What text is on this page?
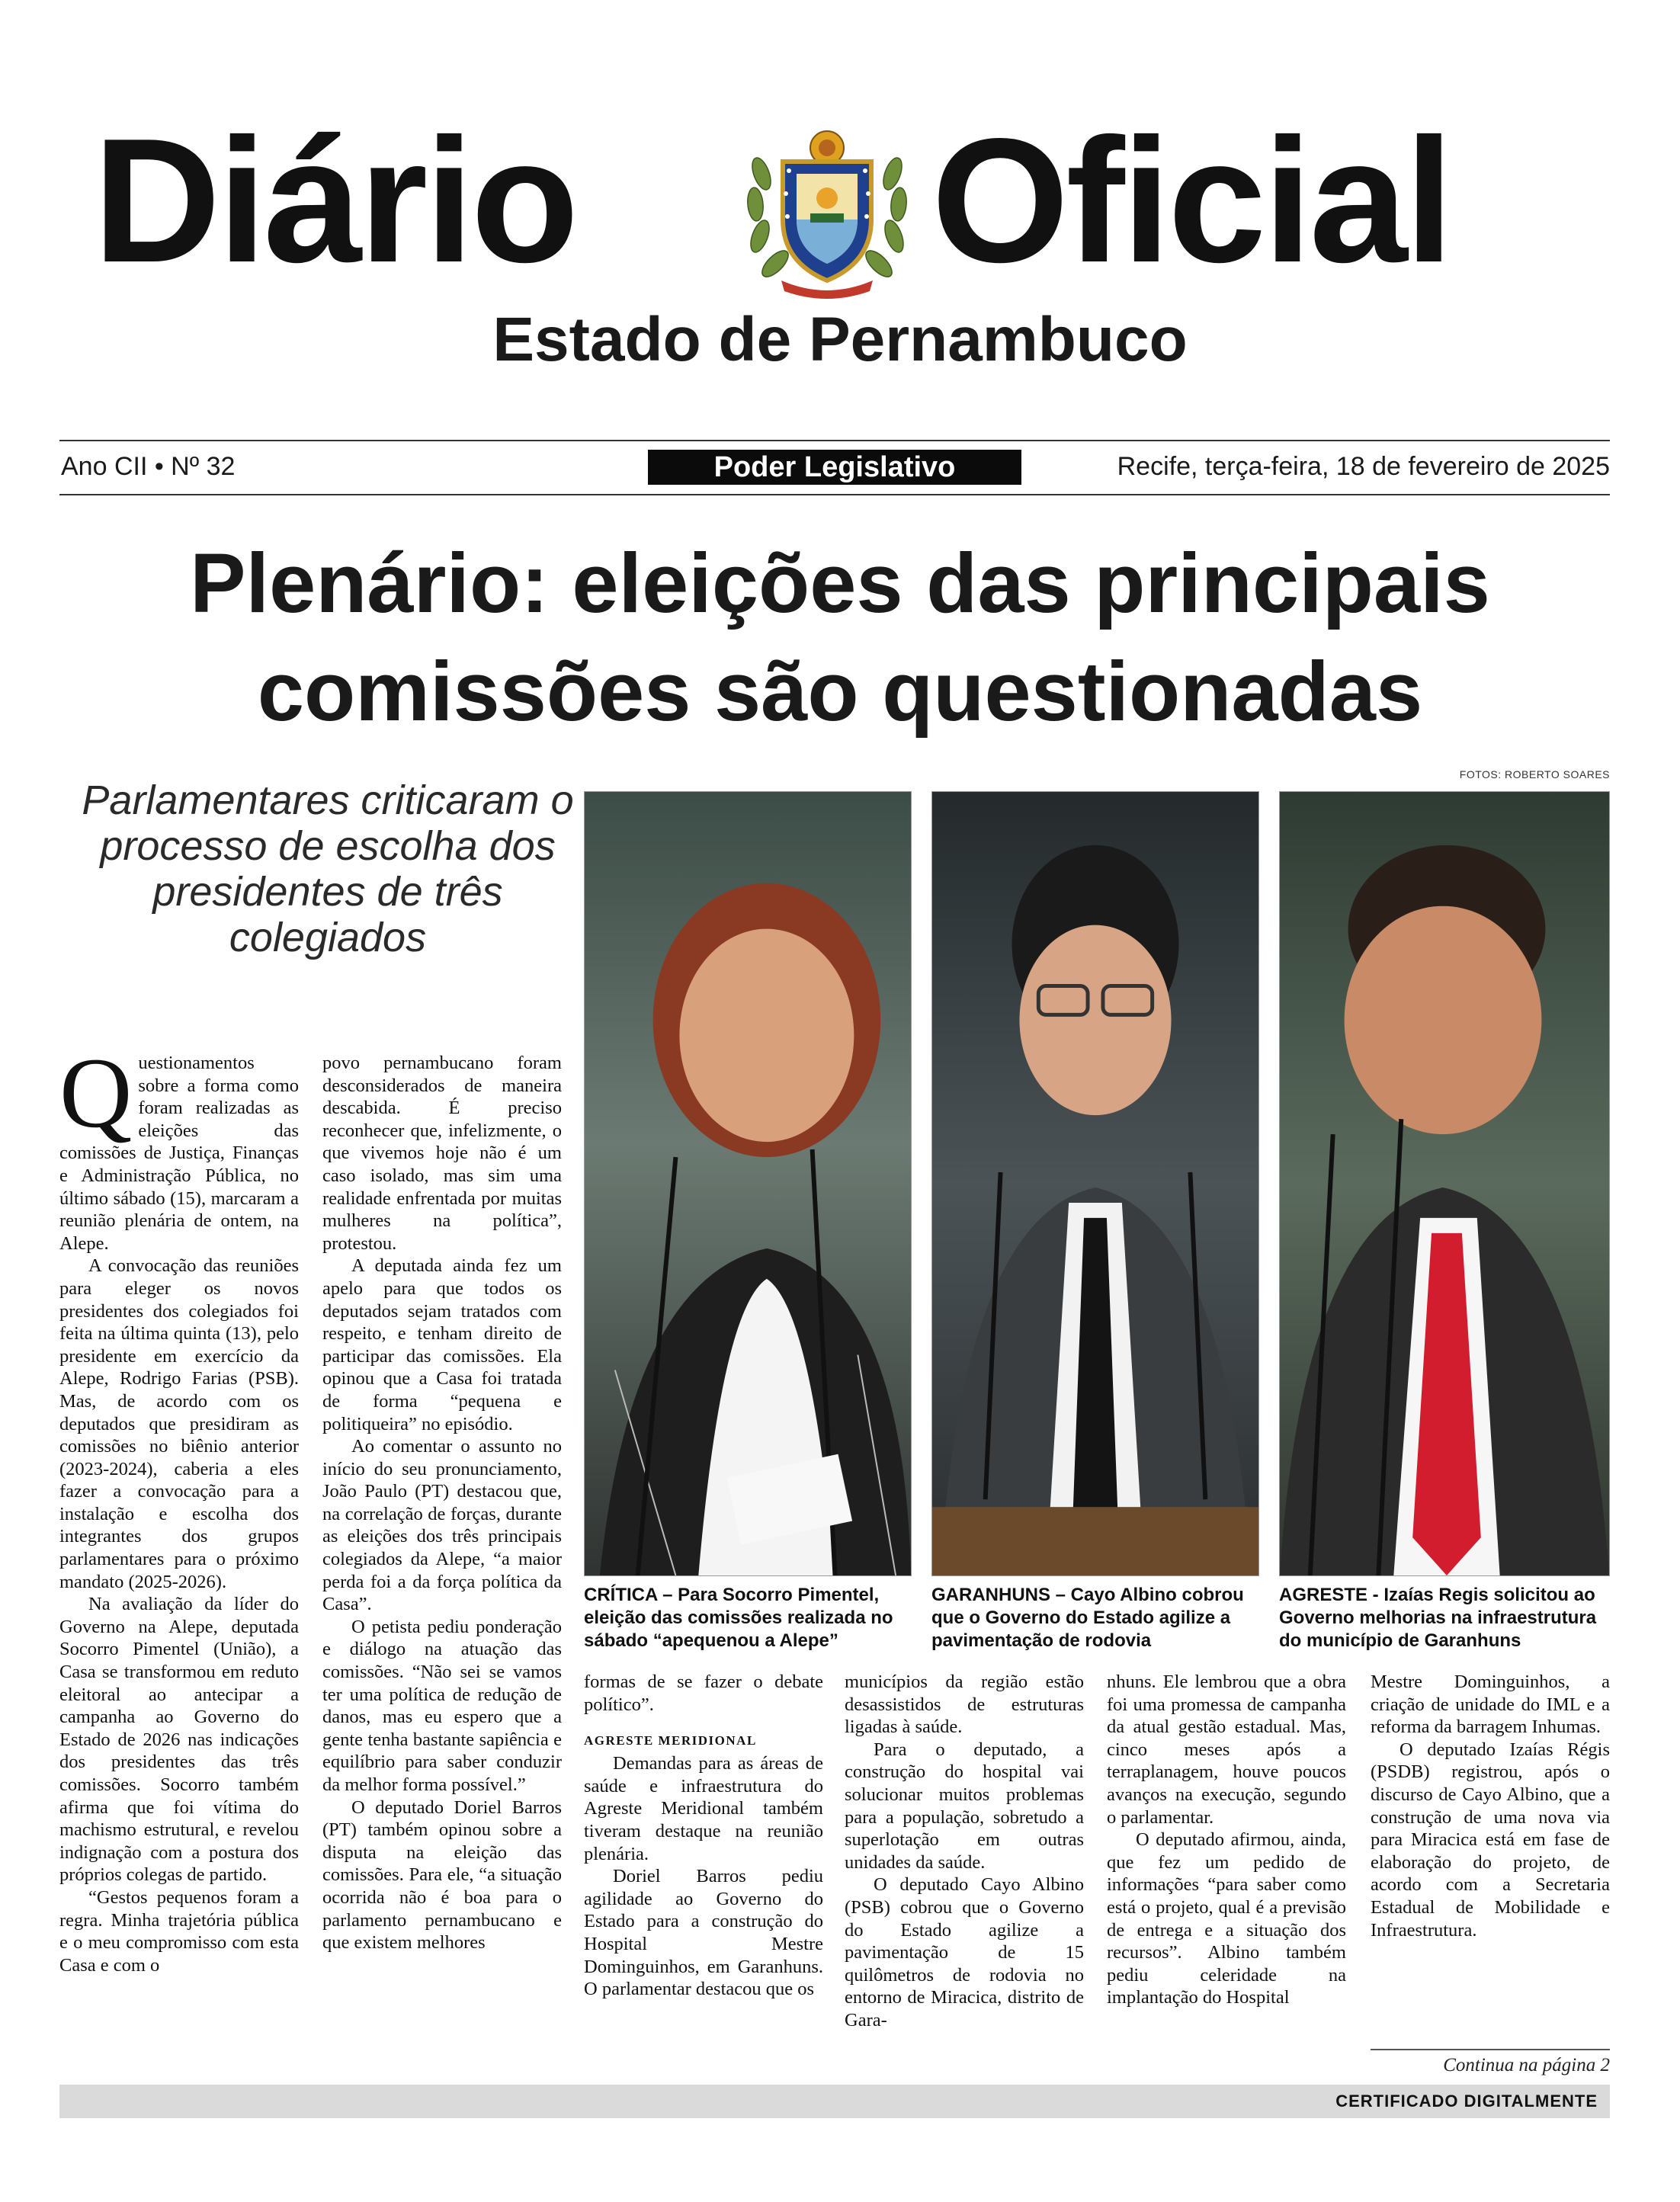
Diário Oficial
Estado de Pernambuco
Ano CII • Nº 32	Poder Legislativo	Recife, terça-feira, 18 de fevereiro de 2025
Plenário: eleições das principais comissões são questionadas
Parlamentares criticaram o processo de escolha dos presidentes de três colegiados
FOTOS: ROBERTO SOARES
CRÍTICA – Para Socorro Pimentel, eleição das comissões realizada no sábado “apequenou a Alepe”
GARANHUNS – Cayo Albino cobrou que o Governo do Estado agilize a pavimentação de rodovia
AGRESTE - Izaías Regis solicitou ao Governo melhorias na infraestrutura do município de Garanhuns

Questionamentos sobre a forma como foram realizadas as eleições das comissões de Justiça, Finanças e Administração Pública, no último sábado (15), marcaram a reunião plenária de ontem, na Alepe.

A convocação das reuniões para eleger os novos presidentes dos colegiados foi feita na última quinta (13), pelo presidente em exercício da Alepe, Rodrigo Farias (PSB). Mas, de acordo com os deputados que presidiram as comissões no biênio anterior (2023-2024), caberia a eles fazer a convocação para a instalação e escolha dos integrantes dos grupos parlamentares para o próximo mandato (2025-2026).

Na avaliação da líder do Governo na Alepe, deputada Socorro Pimentel (União), a Casa se transformou em reduto eleitoral ao antecipar a campanha ao Governo do Estado de 2026 nas indicações dos presidentes das três comissões. Socorro também afirma que foi vítima do machismo estrutural, e revelou indignação com a postura dos próprios colegas de partido.

“Gestos pequenos foram a regra. Minha trajetória pública e o meu compromisso com esta Casa e com o

povo pernambucano foram desconsiderados de maneira descabida. É preciso reconhecer que, infelizmente, o que vivemos hoje não é um caso isolado, mas sim uma realidade enfrentada por muitas mulheres na política”, protestou.

A deputada ainda fez um apelo para que todos os deputados sejam tratados com respeito, e tenham direito de participar das comissões. Ela opinou que a Casa foi tratada de forma “pequena e politiqueira” no episódio.

Ao comentar o assunto no início do seu pronunciamento, João Paulo (PT) destacou que, na correlação de forças, durante as eleições dos três principais colegiados da Alepe, “a maior perda foi a da força política da Casa”.

O petista pediu ponderação e diálogo na atuação das comissões. “Não sei se vamos ter uma política de redução de danos, mas eu espero que a gente tenha bastante sapiência e equilíbrio para saber conduzir da melhor forma possível.”

O deputado Doriel Barros (PT) também opinou sobre a disputa na eleição das comissões. Para ele, “a situação ocorrida não é boa para o parlamento pernambucano e que existem melhores

formas de se fazer o debate político”.

AGRESTE MERIDIONAL

Demandas para as áreas de saúde e infraestrutura do Agreste Meridional também tiveram destaque na reunião plenária.

Doriel Barros pediu agilidade ao Governo do Estado para a construção do Hospital Mestre Dominguinhos, em Garanhuns. O parlamentar destacou que os

municípios da região estão desassistidos de estruturas ligadas à saúde.

Para o deputado, a construção do hospital vai solucionar muitos problemas para a população, sobretudo a superlotação em outras unidades da saúde.

O deputado Cayo Albino (PSB) cobrou que o Governo do Estado agilize a pavimentação de 15 quilômetros de rodovia no entorno de Miracica, distrito de Gara-

nhuns. Ele lembrou que a obra foi uma promessa de campanha da atual gestão estadual. Mas, cinco meses após a terraplanagem, houve poucos avanços na execução, segundo o parlamentar.

O deputado afirmou, ainda, que fez um pedido de informações “para saber como está o projeto, qual é a previsão de entrega e a situação dos recursos”. Albino também pediu celeridade na implantação do Hospital

Mestre Dominguinhos, a criação de unidade do IML e a reforma da barragem Inhumas.

O deputado Izaías Régis (PSDB) registrou, após o discurso de Cayo Albino, que a construção de uma nova via para Miracica está em fase de elaboração do projeto, de acordo com a Secretaria Estadual de Mobilidade e Infraestrutura.

Continua na página 2
CERTIFICADO DIGITALMENTE
